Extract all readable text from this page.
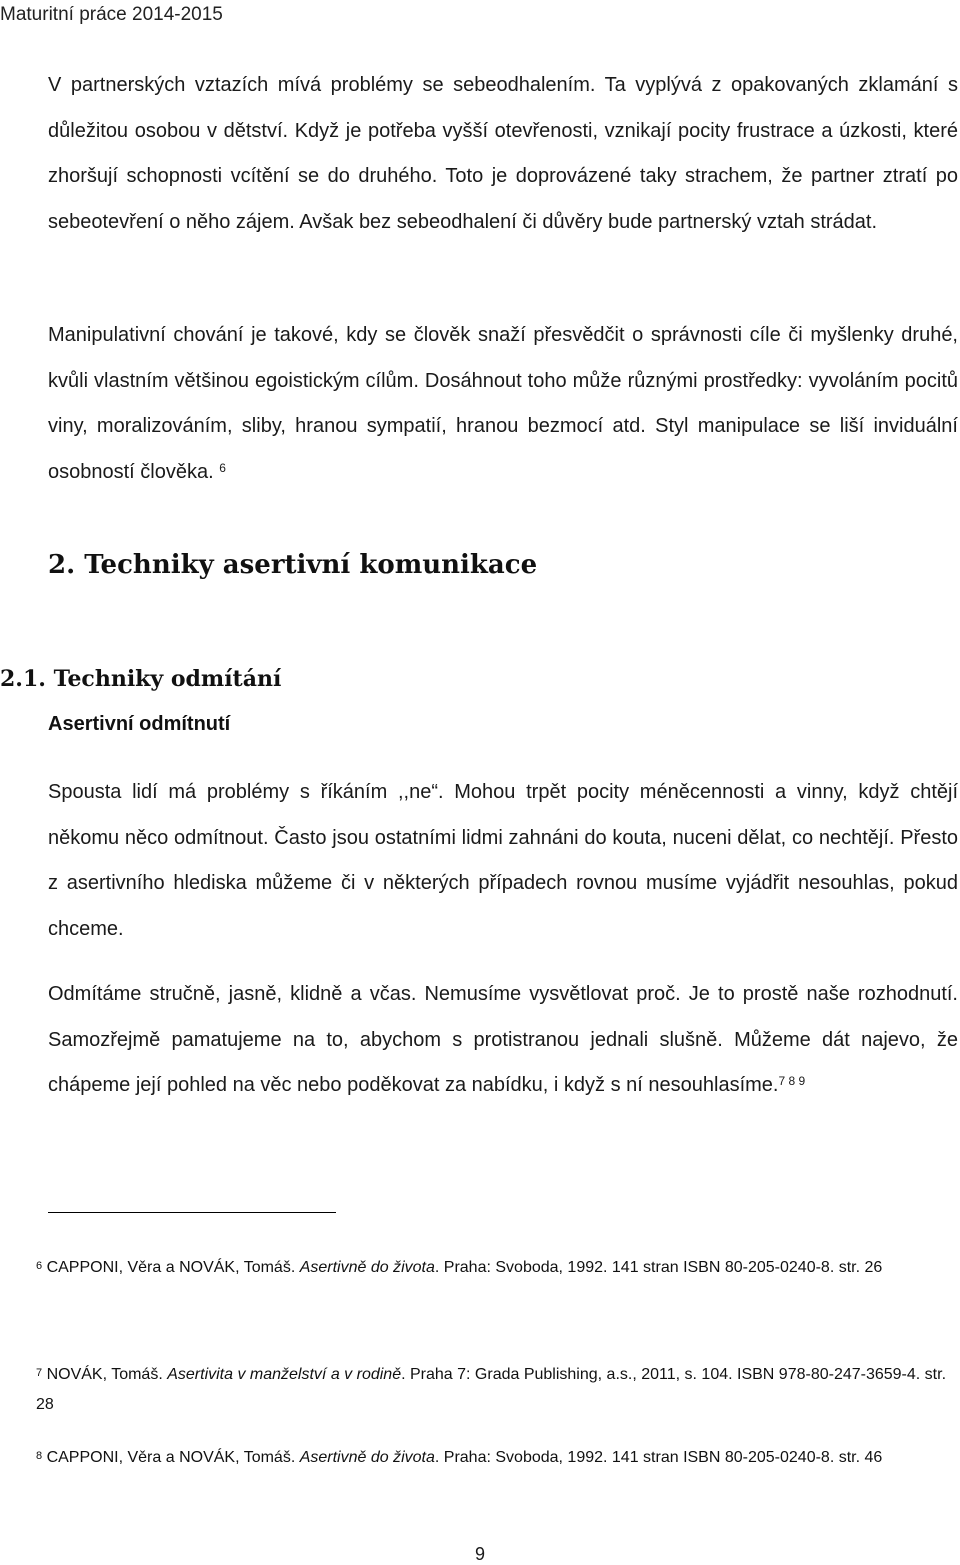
Maturitní práce 2014-2015

V partnerských vztazích mívá problémy se sebeodhalením. Ta vyplývá z opakovaných zklamání s důležitou osobou v dětství. Když je potřeba vyšší otevřenosti, vznikají pocity frustrace a úzkosti, které zhoršují schopnosti vcítění se do druhého. Toto je doprovázené taky strachem, že partner ztratí po sebeotevření o něho zájem. Avšak bez sebeodhalení či důvěry bude partnerský vztah strádat.

Manipulativní chování je takové, kdy se člověk snaží přesvědčit o správnosti cíle či myšlenky druhé, kvůli vlastním většinou egoistickým cílům. Dosáhnout toho může různými prostředky: vyvoláním pocitů viny, moralizováním, sliby, hranou sympatií, hranou bezmocí atd. Styl manipulace se liší inviduální osobností člověka. $^6$

2. Techniky asertivní komunikace
2.1. Techniky odmítání
Asertivní odmítnutí

Spousta lidí má problémy s říkáním ,,ne“. Mohou trpět pocity méněcennosti a vinny, když chtějí někomu něco odmítnout. Často jsou ostatními lidmi zahnáni do kouta, nuceni dělat, co nechtějí. Přesto z asertivního hlediska můžeme či v některých případech rovnou musíme vyjádřit nesouhlas, pokud chceme.

Odmítáme stručně, jasně, klidně a včas. Nemusíme vysvětlovat proč. Je to prostě naše rozhodnutí. Samozřejmě pamatujeme na to, abychom s protistranou jednali slušně. Můžeme dát najevo, že chápeme její pohled na věc nebo poděkovat za nabídku, i když s ní nesouhlasíme.$^{7 8 9}$

$^6$ CAPPONI, Věra a NOVÁK, Tomáš. Asertivně do života. Praha: Svoboda, 1992. 141 stran ISBN 80-205-0240-8. str. 26

$^7$ NOVÁK, Tomáš. Asertivita v manželství a v rodině. Praha 7: Grada Publishing, a.s., 2011, s. 104. ISBN 978-80-247-3659-4. str. 28

$^8$ CAPPONI, Věra a NOVÁK, Tomáš. Asertivně do života. Praha: Svoboda, 1992. 141 stran ISBN 80-205-0240-8. str. 46

9
